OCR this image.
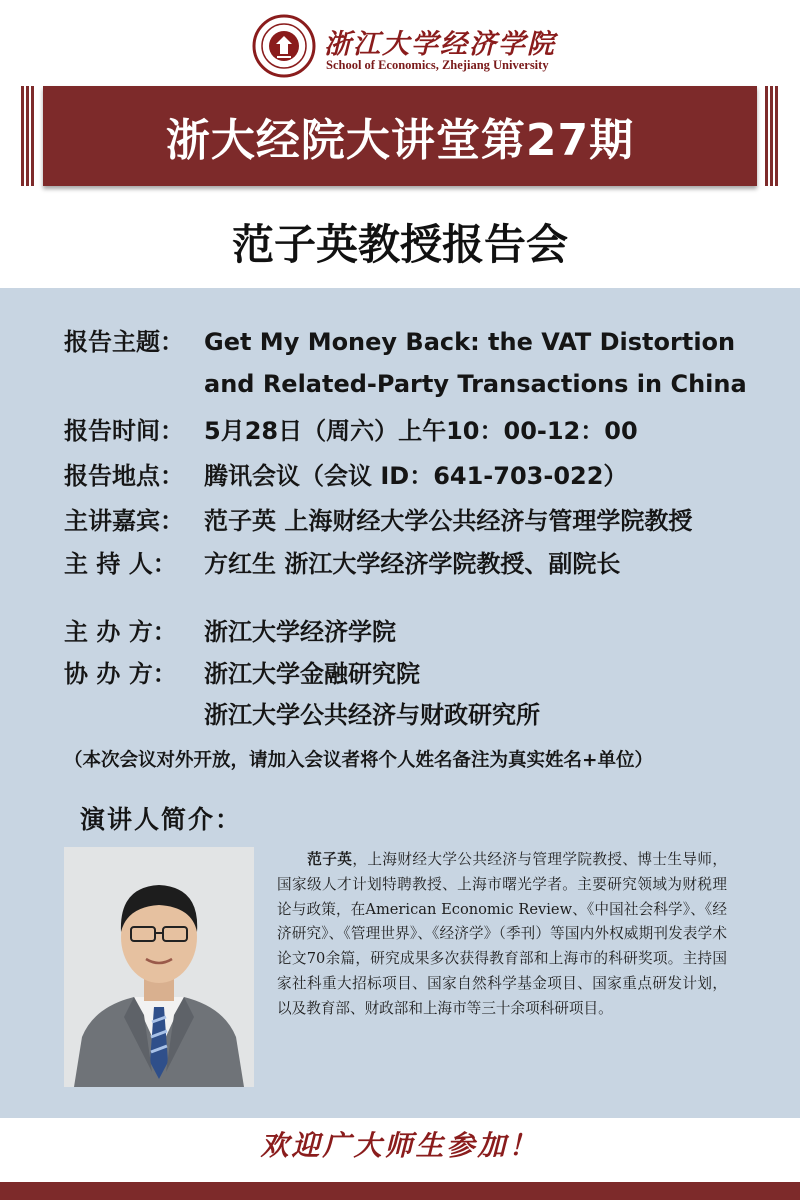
浙江大学经济学院
School of Economics, Zhejiang University
浙大经院大讲堂第27期
范子英教授报告会
报告主题： Get My Money Back: the VAT Distortion
and Related-Party Transactions in China
报告时间： 5月28日（周六）上午10：00-12：00
报告地点： 腾讯会议（会议 ID：641-703-022）
主讲嘉宾： 范子英 上海财经大学公共经济与管理学院教授
主 持 人： 方红生 浙江大学经济学院教授、副院长
主 办 方： 浙江大学经济学院
协 办 方： 浙江大学金融研究院
浙江大学公共经济与财政研究所
（本次会议对外开放，请加入会议者将个人姓名备注为真实姓名+单位）
演讲人简介：
范子英，上海财经大学公共经济与管理学院教授、博士生导师，国家级人才计划特聘教授、上海市曙光学者。主要研究领域为财税理论与政策，在American Economic Review、《中国社会科学》、《经济研究》、《管理世界》、《经济学》（季刊）等国内外权威期刊发表学术论文70余篇，研究成果多次获得教育部和上海市的科研奖项。主持国家社科重大招标项目、国家自然科学基金项目、国家重点研发计划，以及教育部、财政部和上海市等三十余项科研项目。
欢迎广大师生参加！
